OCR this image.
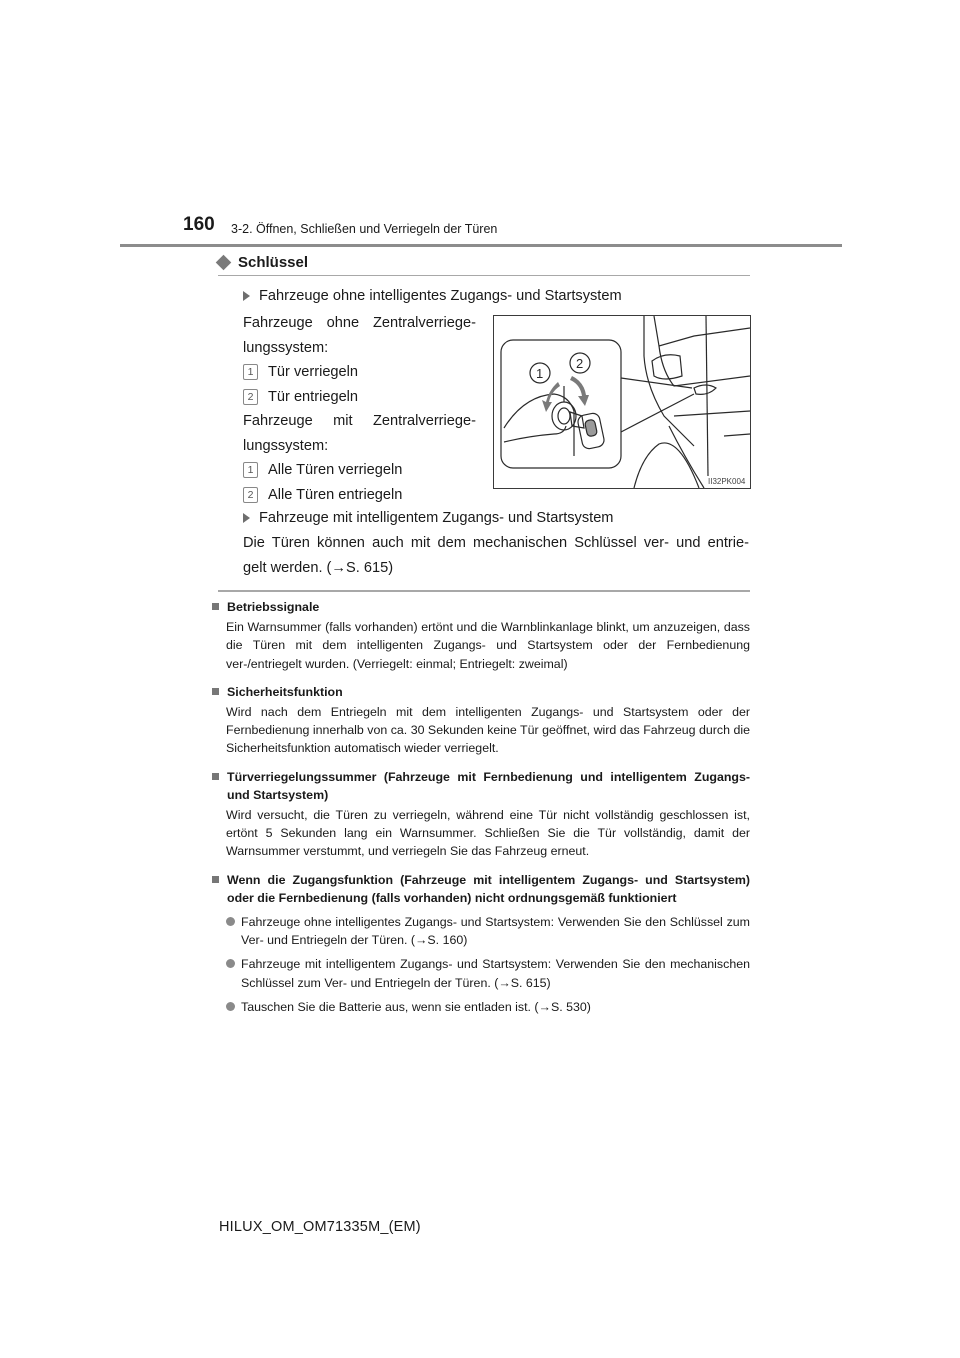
160 3-2. Öffnen, Schließen und Verriegeln der Türen
Schlüssel
Fahrzeuge ohne intelligentes Zugangs- und Startsystem
Fahrzeuge ohne Zentralverriege-
lungssystem:
1 Tür verriegeln
2 Tür entriegeln
Fahrzeuge mit Zentralverriege-
lungssystem:
1 Alle Türen verriegeln
2 Alle Türen entriegeln
1
2
II32PK004
Fahrzeuge mit intelligentem Zugangs- und Startsystem
Die Türen können auch mit dem mechanischen Schlüssel ver- und entrie-
gelt werden. (→S. 615)
Betriebssignale
Ein Warnsummer (falls vorhanden) ertönt und die Warnblinkanlage blinkt, um anzuzeigen, dass die Türen mit dem intelligenten Zugangs- und Startsystem oder der Fernbedienung ver-/entriegelt wurden. (Verriegelt: einmal; Entriegelt: zweimal)
Sicherheitsfunktion
Wird nach dem Entriegeln mit dem intelligenten Zugangs- und Startsystem oder der Fernbedienung innerhalb von ca. 30 Sekunden keine Tür geöffnet, wird das Fahrzeug durch die Sicherheitsfunktion automatisch wieder verriegelt.
Türverriegelungssummer (Fahrzeuge mit Fernbedienung und intelligentem Zugangs- und Startsystem)
Wird versucht, die Türen zu verriegeln, während eine Tür nicht vollständig geschlossen ist, ertönt 5 Sekunden lang ein Warnsummer. Schließen Sie die Tür vollständig, damit der Warnsummer verstummt, und verriegeln Sie das Fahrzeug erneut.
Wenn die Zugangsfunktion (Fahrzeuge mit intelligentem Zugangs- und Startsystem) oder die Fernbedienung (falls vorhanden) nicht ordnungsgemäß funktioniert
Fahrzeuge ohne intelligentes Zugangs- und Startsystem: Verwenden Sie den Schlüssel zum Ver- und Entriegeln der Türen. (→S. 160)
Fahrzeuge mit intelligentem Zugangs- und Startsystem: Verwenden Sie den mechanischen Schlüssel zum Ver- und Entriegeln der Türen. (→S. 615)
Tauschen Sie die Batterie aus, wenn sie entladen ist. (→S. 530)
HILUX_OM_OM71335M_(EM)
